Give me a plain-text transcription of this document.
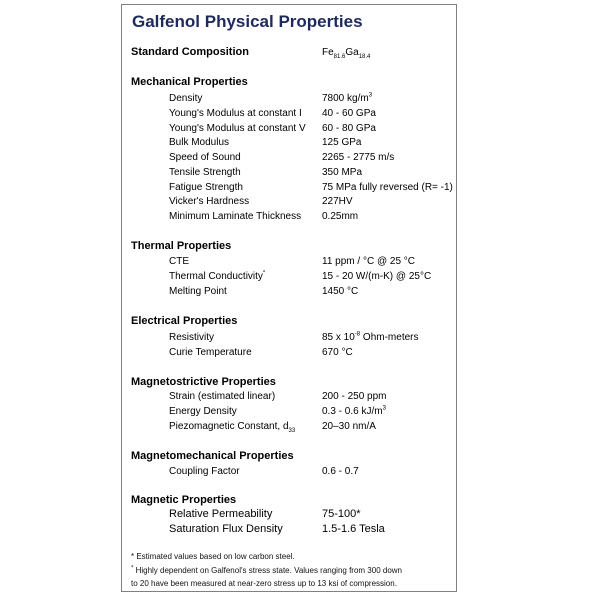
Galfenol Physical Properties
Standard Composition	$Fe_{81.6}Ga_{18.4}$
Mechanical Properties
Density	7800 $kg/m^3$
Young's Modulus at constant I 40 - 60 GPa
Young's Modulus at constant V 60 - 80 GPa
Bulk Modulus	125 GPa
Speed of Sound	2265 - 2775 m/s
Tensile Strength	350 MPa
Fatigue Strength	75 MPa fully reversed (R= -1)
Vicker's Hardness	227HV
Minimum Laminate Thickness 0.25mm
Thermal Properties
CTE	11 ppm / °C @ 25 °C
Thermal Conductivity*	15 - 20 W/(m-K) @ 25°C
Melting Point	1450 °C
Electrical Properties
Resistivity	85 x $10^{-8}$ Ohm-meters
Curie Temperature	670 °C
Magnetostrictive Properties
Strain (estimated linear)	200 - 250 ppm
Energy Density	0.3 - 0.6 $kJ/m^3$
Piezomagnetic Constant, $d_{33}$	20–30 nm/A
Magnetomechanical Properties
Coupling Factor	0.6 - 0.7
Magnetic Properties
Relative Permeability	75-100*
Saturation Flux Density	1.5-1.6 Tesla
* Estimated values based on low carbon steel.
* Highly dependent on Galfenol's stress state. Values ranging from 300 down
to 20 have been measured at near-zero stress up to 13 ksi of compression.
